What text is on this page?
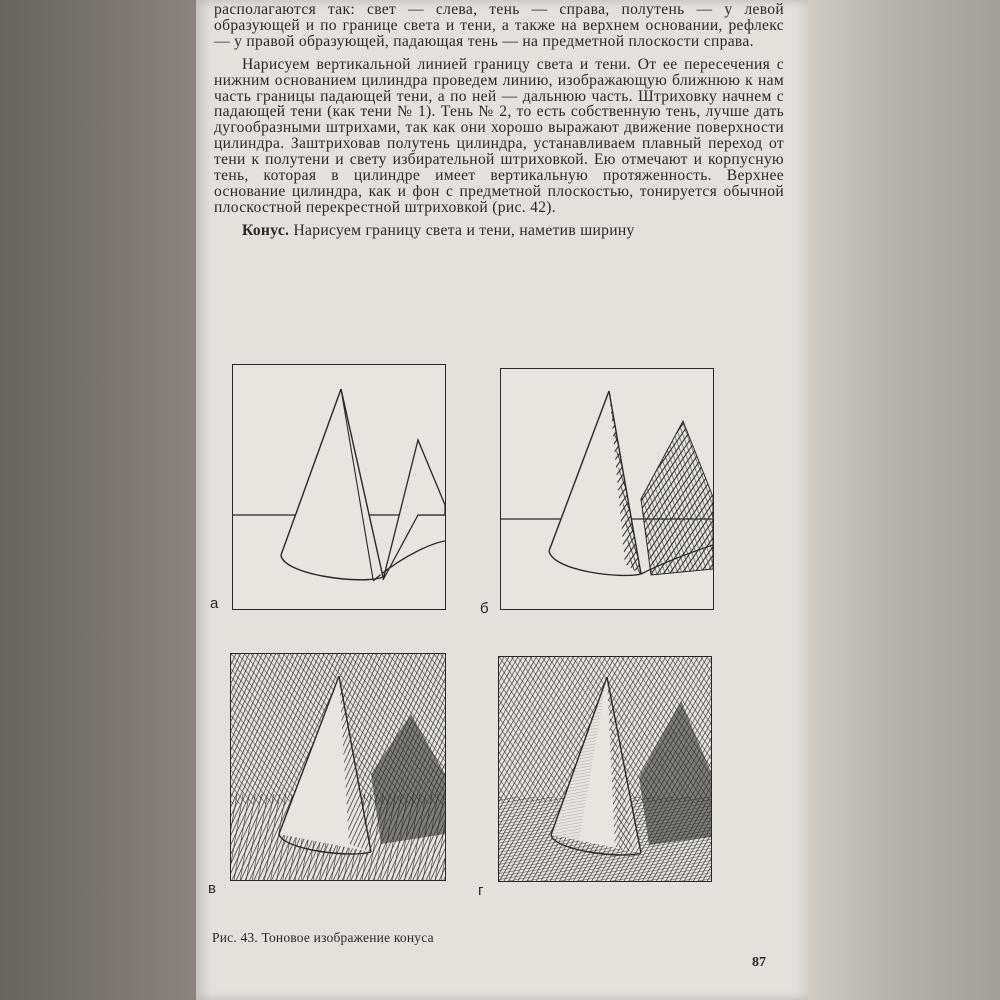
располагаются так: свет — слева, тень — справа, полутень — у левой образующей и по границе света и тени, а также на верхнем основании, рефлекс — у правой образующей, падающая тень — на предметной плоскости справа.

Нарисуем вертикальной линией границу света и тени. От ее пересечения с нижним основанием цилиндра проведем линию, изображающую ближнюю к нам часть границы падающей тени, а по ней — дальнюю часть. Штриховку начнем с падающей тени (как тени № 1). Тень № 2, то есть собственную тень, лучше дать дугообразными штрихами, так как они хорошо выражают движение поверхности цилиндра. Заштриховав полутень цилиндра, устанавливаем плавный переход от тени к полутени и свету избирательной штриховкой. Ею отмечают и корпусную тень, которая в цилиндре имеет вертикальную протяженность. Верхнее основание цилиндра, как и фон с предметной плоскостью, тонируется обычной плоскостной перекрестной штриховкой (рис. 42).

Конус. Нарисуем границу света и тени, наметив ширину

а	б
в	г
Рис. 43. Тоновое изображение конуса
87
